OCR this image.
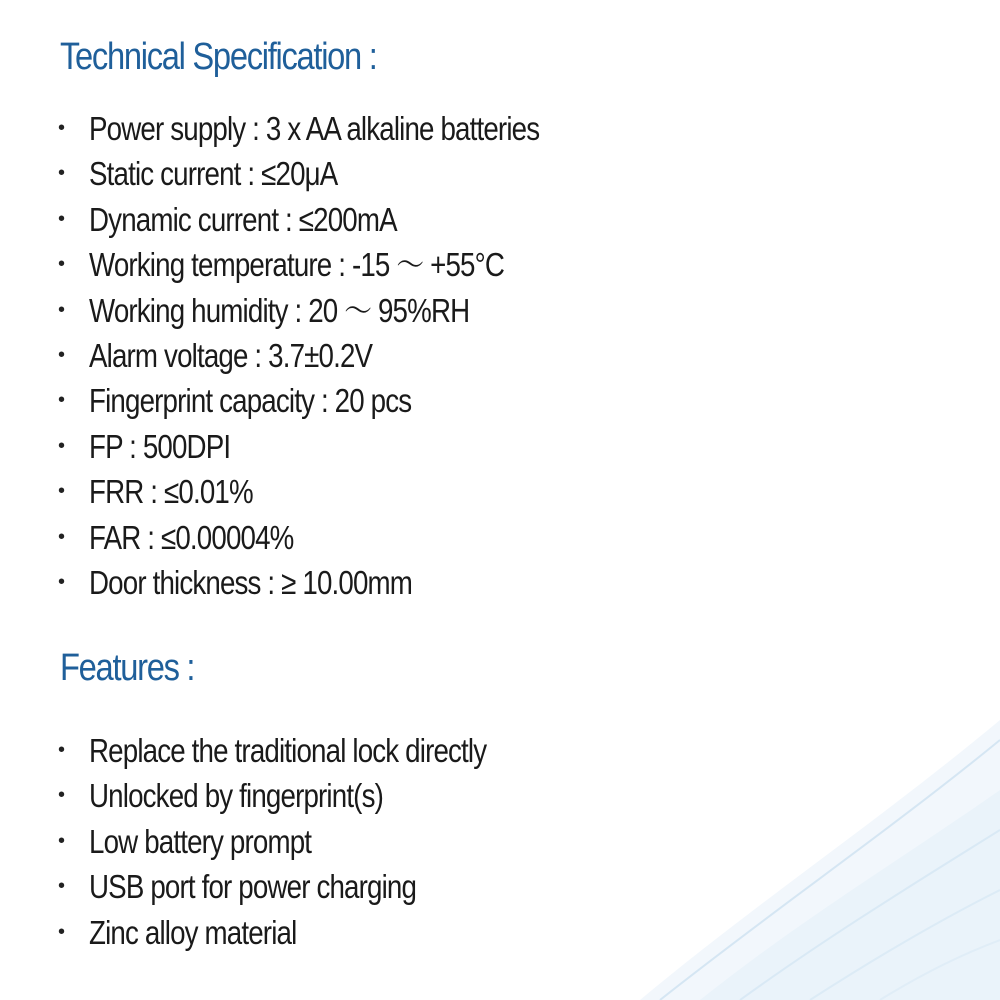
Technical Specification :
• Power supply : 3 x AA alkaline batteries
• Static current : ≤20μA
• Dynamic current : ≤200mA
• Working temperature : -15 ～ +55°C
• Working humidity : 20 ～ 95%RH
• Alarm voltage : 3.7±0.2V
• Fingerprint capacity : 20 pcs
• FP : 500DPI
• FRR : ≤0.01%
• FAR : ≤0.00004%
• Door thickness : ≥ 10.00mm
Features :
• Replace the traditional lock directly
• Unlocked by fingerprint(s)
• Low battery prompt
• USB port for power charging
• Zinc alloy material
